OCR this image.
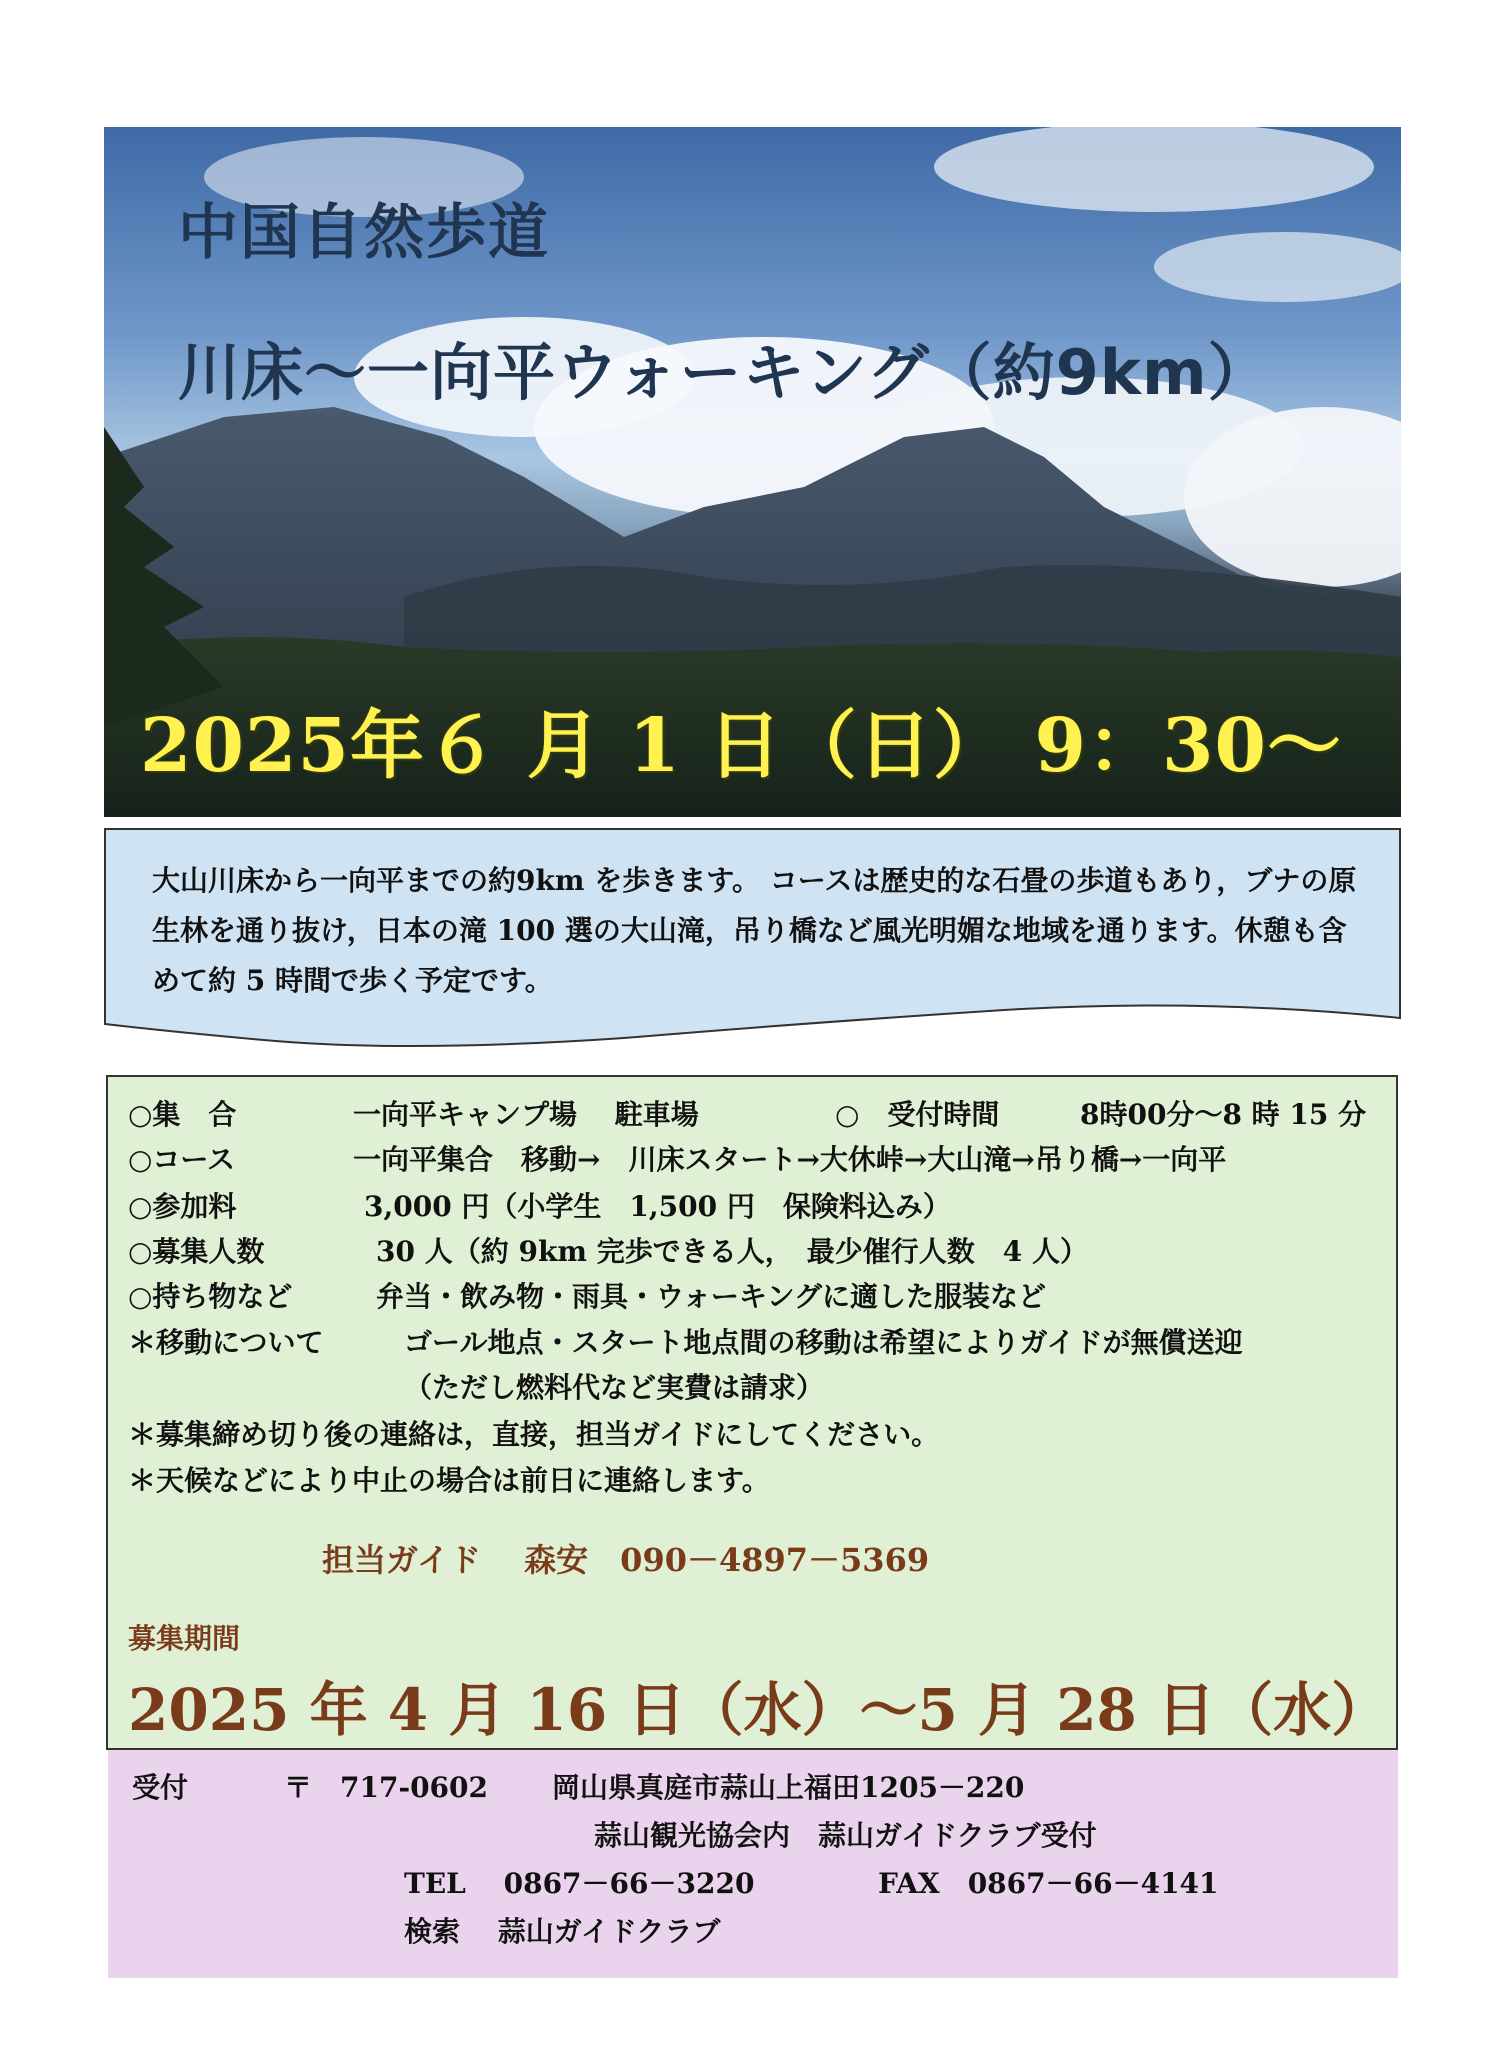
中国自然歩道
川床～一向平ウォーキング（約9km）
2025年６ 月 1 日（日） 9：30～

大山川床から一向平までの約9km を歩きます。 コースは歴史的な石畳の歩道もあり，ブナの原生林を通り抜け，日本の滝 100 選の大山滝，吊り橋など風光明媚な地域を通ります。休憩も含めて約 5 時間で歩く予定です。

○集　合	一向平キャンプ場　 駐車場	○　受付時間	8時00分～8 時 15 分
○コース	一向平集合　移動→　川床スタート→大休峠→大山滝→吊り橋→一向平
○参加料	3,000 円（小学生　1,500 円　保険料込み）
○募集人数	30 人（約 9km 完歩できる人，　最少催行人数　4 人）
○持ち物など	弁当・飲み物・雨具・ウォーキングに適した服装など
＊移動について	ゴール地点・スタート地点間の移動は希望によりガイドが無償送迎
（ただし燃料代など実費は請求）
＊募集締め切り後の連絡は，直接，担当ガイドにしてください。
＊天候などにより中止の場合は前日に連絡します。
担当ガイド　 森安　090－4897－5369
募集期間
2025 年 4 月 16 日（水）～5 月 28 日（水）
受付	〒　717-0602 岡山県真庭市蒜山上福田1205－220
蒜山観光協会内　蒜山ガイドクラブ受付
TEL　 0867－66－3220	FAX　0867－66－4141
検索　 蒜山ガイドクラブ
